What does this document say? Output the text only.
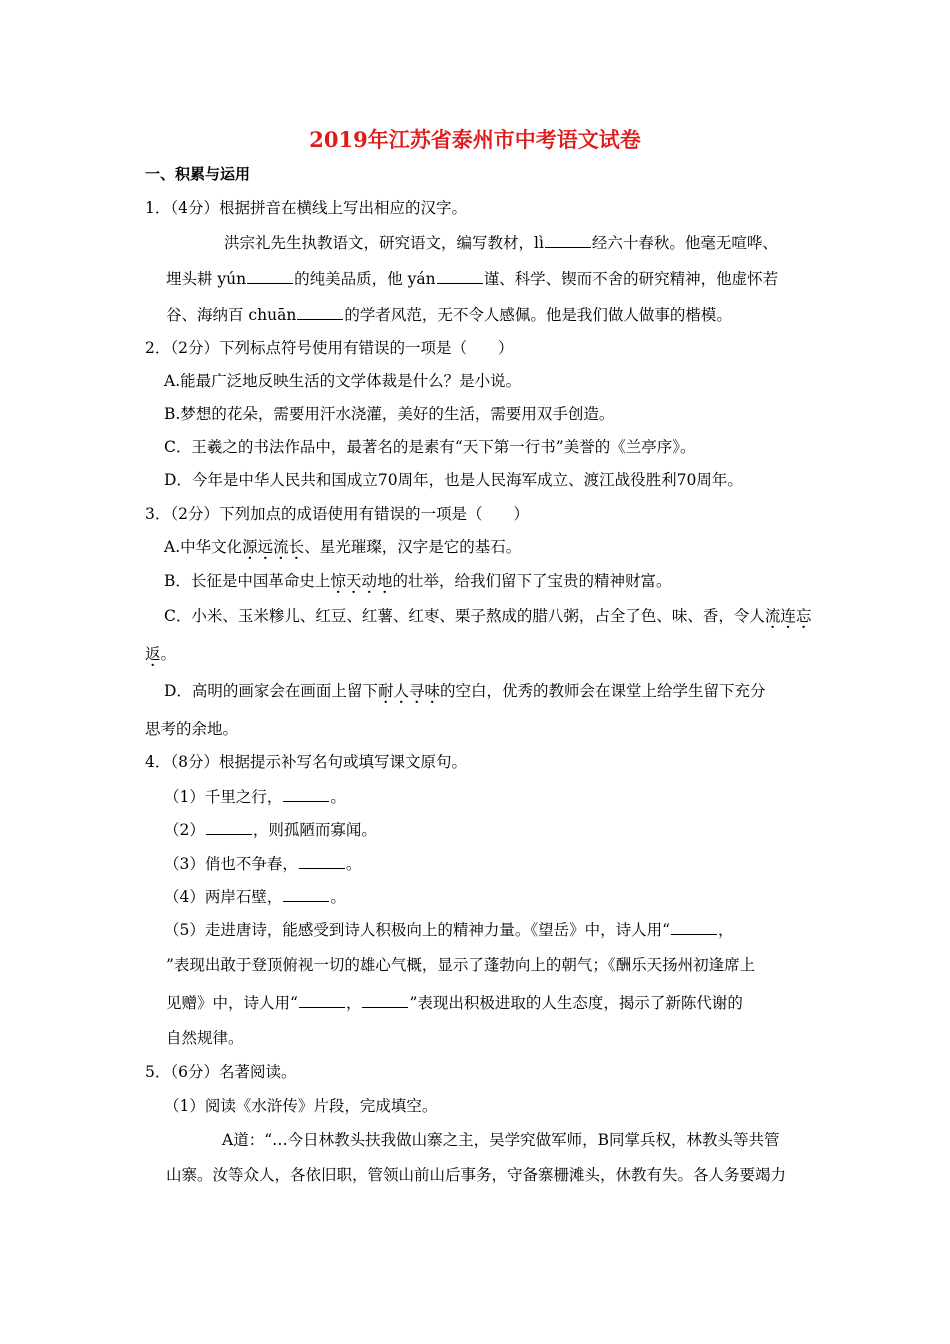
2019年江苏省泰州市中考语文试卷
一、积累与运用
1．（4分）根据拼音在横线上写出相应的汉字。
洪宗礼先生执教语文，研究语文，编写教材，lì	经六十春秋。他毫无喧哗、
埋头耕 yún	的纯美品质，他 yán	谨、科学、锲而不舍的研究精神，他虚怀若
谷、海纳百 chuān	的学者风范，无不令人感佩。他是我们做人做事的楷模。
2．（2分）下列标点符号使用有错误的一项是（　　）
A.能最广泛地反映生活的文学体裁是什么？是小说。
B.梦想的花朵，需要用汗水浇灌，美好的生活，需要用双手创造。
C．王羲之的书法作品中，最著名的是素有“天下第一行书”美誉的《兰亭序》。
D．今年是中华人民共和国成立70周年，也是人民海军成立、渡江战役胜利70周年。
3．（2分）下列加点的成语使用有错误的一项是（　　）
A.中华文化源远流长、星光璀璨，汉字是它的基石。
B．长征是中国革命史上惊天动地的壮举，给我们留下了宝贵的精神财富。
C．小米、玉米糁儿、红豆、红薯、红枣、栗子熬成的腊八粥，占全了色、味、香，令人流连忘
返。
D．高明的画家会在画面上留下耐人寻味的空白，优秀的教师会在课堂上给学生留下充分
思考的余地。
4．（8分）根据提示补写名句或填写课文原句。
（1）千里之行，	。
（2）	，则孤陋而寡闻。
（3）俏也不争春，	。
（4）两岸石壁，	。
（5）走进唐诗，能感受到诗人积极向上的精神力量。《望岳》中，诗人用“	，
”表现出敢于登顶俯视一切的雄心气概，显示了蓬勃向上的朝气；《酬乐天扬州初逢席上
见赠》中，诗人用“	，	”表现出积极进取的人生态度，揭示了新陈代谢的
自然规律。
5．（6分）名著阅读。
（1）阅读《水浒传》片段，完成填空。
A道：“…今日林教头扶我做山寨之主，吴学究做军师，B同掌兵权，林教头等共管
山寨。汝等众人，各依旧职，管领山前山后事务，守备寨栅滩头，休教有失。各人务要竭力
